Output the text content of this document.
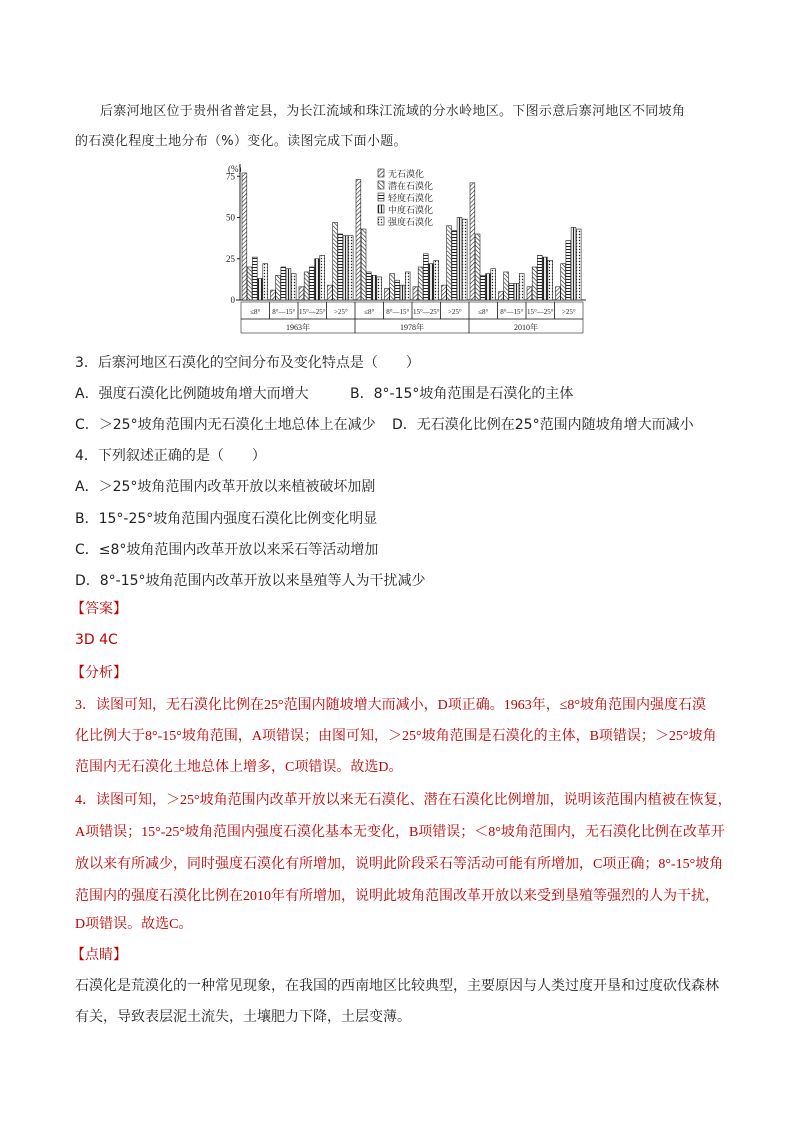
后寨河地区位于贵州省普定县，为长江流域和珠江流域的分水岭地区。下图示意后寨河地区不同坡角
的石漠化程度土地分布（%）变化。读图完成下面小题。
(%)
0
25
50
75
≤8° 8°—15° 15°—25° >25° ≤8° 8°—15° 15°—25° >25° ≤8° 8°—15° 15°—25° >25°
1963年	1978年	2010年
无石漠化
潜在石漠化
轻度石漠化
中度石漠化
强度石漠化
3．后寨河地区石漠化的空间分布及变化特点是（　　）
A．强度石漠化比例随坡角增大而增大	B．8°-15°坡角范围是石漠化的主体
C．＞25°坡角范围内无石漠化土地总体上在减少 D．无石漠化比例在25°范围内随坡角增大而减小
4．下列叙述正确的是（　　）
A．＞25°坡角范围内改革开放以来植被破坏加剧
B．15°-25°坡角范围内强度石漠化比例变化明显
C．≤8°坡角范围内改革开放以来采石等活动增加
D．8°-15°坡角范围内改革开放以来垦殖等人为干扰减少
【答案】
3D 4C
【分析】
3．读图可知，无石漠化比例在25°范围内随坡增大而减小，D项正确。1963年，≤8°坡角范围内强度石漠
化比例大于8°-15°坡角范围，A项错误；由图可知，＞25°坡角范围是石漠化的主体，B项错误；＞25°坡角
范围内无石漠化土地总体上增多，C项错误。故选D。
4．读图可知，＞25°坡角范围内改革开放以来无石漠化、潜在石漠化比例增加，说明该范围内植被在恢复，
A项错误；15°-25°坡角范围内强度石漠化基本无变化，B项错误；＜8°坡角范围内，无石漠化比例在改革开
放以来有所减少，同时强度石漠化有所增加，说明此阶段采石等活动可能有所增加，C项正确；8°-15°坡角
范围内的强度石漠化比例在2010年有所增加，说明此坡角范围改革开放以来受到垦殖等强烈的人为干扰，
D项错误。故选C。
【点睛】
石漠化是荒漠化的一种常见现象，在我国的西南地区比较典型，主要原因与人类过度开垦和过度砍伐森林
有关，导致表层泥土流失，土壤肥力下降，土层变薄。
